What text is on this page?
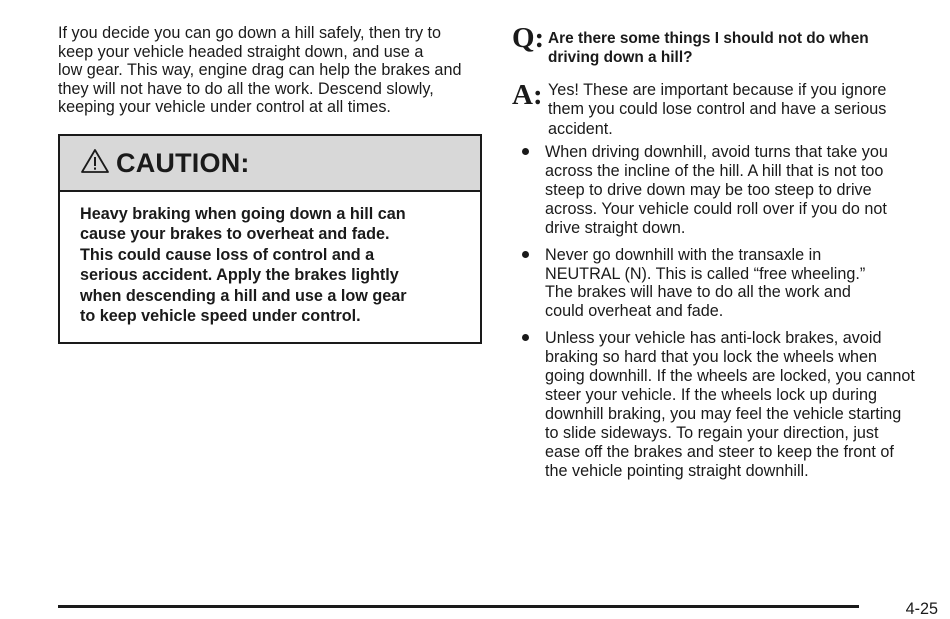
If you decide you can go down a hill safely, then try to
keep your vehicle headed straight down, and use a
low gear. This way, engine drag can help the brakes and
they will not have to do all the work. Descend slowly,
keeping your vehicle under control at all times.
CAUTION:
Heavy braking when going down a hill can
cause your brakes to overheat and fade.
This could cause loss of control and a
serious accident. Apply the brakes lightly
when descending a hill and use a low gear
to keep vehicle speed under control.
Q: Are there some things I should not do when
driving down a hill?
A: Yes! These are important because if you ignore
them you could lose control and have a serious
accident.
When driving downhill, avoid turns that take you
across the incline of the hill. A hill that is not too
steep to drive down may be too steep to drive
across. Your vehicle could roll over if you do not
drive straight down.
Never go downhill with the transaxle in
NEUTRAL (N). This is called “free wheeling.”
The brakes will have to do all the work and
could overheat and fade.
Unless your vehicle has anti-lock brakes, avoid
braking so hard that you lock the wheels when
going downhill. If the wheels are locked, you cannot
steer your vehicle. If the wheels lock up during
downhill braking, you may feel the vehicle starting
to slide sideways. To regain your direction, just
ease off the brakes and steer to keep the front of
the vehicle pointing straight downhill.
4-25
